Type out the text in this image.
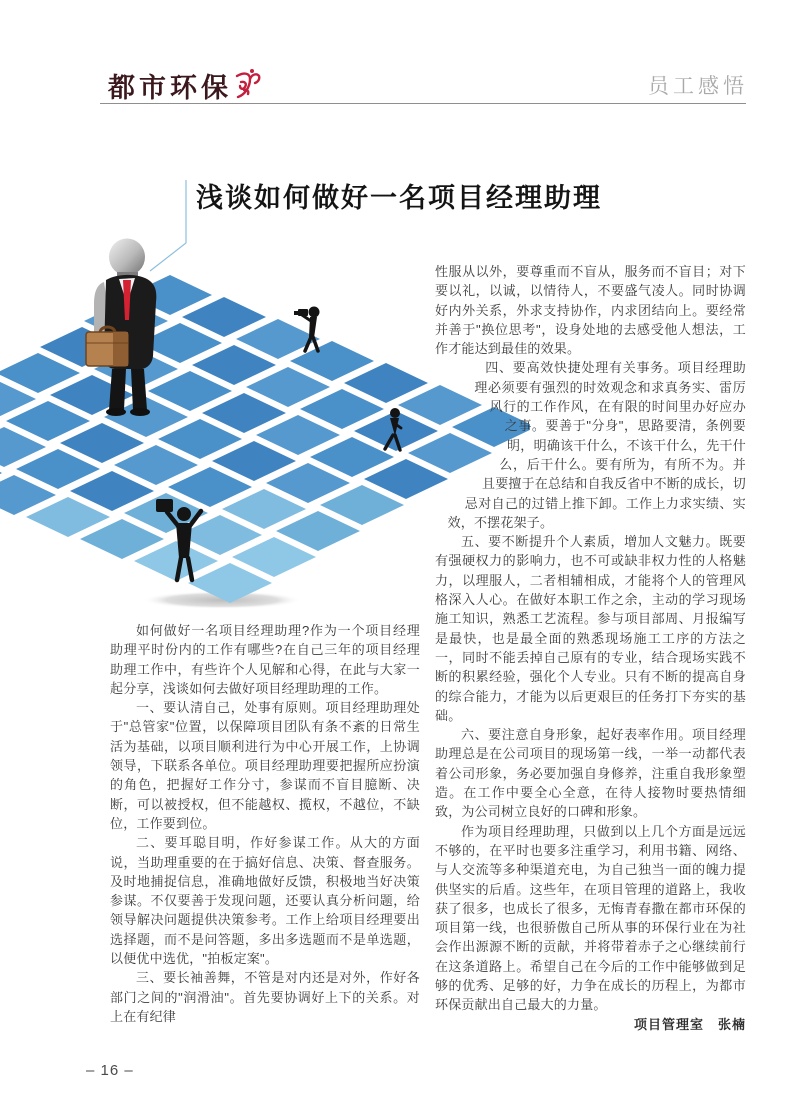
都市环保	员工感悟
浅谈如何做好一名项目经理助理

如何做好一名项目经理助理?作为一个项目经理助理平时份内的工作有哪些?在自己三年的项目经理助理工作中，有些许个人见解和心得，在此与大家一起分享，浅谈如何去做好项目经理助理的工作。

一、要认清自己，处事有原则。项目经理助理处于"总管家"位置，以保障项目团队有条不紊的日常生活为基础，以项目顺利进行为中心开展工作，上协调领导，下联系各单位。项目经理助理要把握所应扮演的角色，把握好工作分寸，参谋而不盲目臆断、决断，可以被授权，但不能越权、揽权，不越位，不缺位，工作要到位。

二、要耳聪目明，作好参谋工作。从大的方面说，当助理重要的在于搞好信息、决策、督查服务。及时地捕捉信息，准确地做好反馈，积极地当好决策参谋。不仅要善于发现问题，还要认真分析问题，给领导解决问题提供决策参考。工作上给项目经理要出选择题，而不是问答题，多出多选题而不是单选题，以便优中选优，"拍板定案"。

三、要长袖善舞，不管是对内还是对外，作好各部门之间的"润滑油"。首先要协调好上下的关系。对上在有纪律

性服从以外，要尊重而不盲从，服务而不盲目；对下要以礼，以诚，以情待人，不要盛气凌人。同时协调好内外关系，外求支持协作，内求团结向上。要经常并善于"换位思考"，设身处地的去感受他人想法，工作才能达到最佳的效果。

四、要高效快捷处理有关事务。项目经理助理必须要有强烈的时效观念和求真务实、雷厉风行的工作作风，在有限的时间里办好应办之事。要善于"分身"，思路要清，条例要明，明确该干什么，不该干什么，先干什么，后干什么。要有所为，有所不为。并且要擅于在总结和自我反省中不断的成长，切忌对自己的过错上推下卸。工作上力求实绩、实效，不摆花架子。

五、要不断提升个人素质，增加人文魅力。既要有强硬权力的影响力，也不可或缺非权力性的人格魅力，以理服人，二者相辅相成，才能将个人的管理风格深入人心。在做好本职工作之余，主动的学习现场施工知识，熟悉工艺流程。参与项目部周、月报编写是最快，也是最全面的熟悉现场施工工序的方法之一，同时不能丢掉自己原有的专业，结合现场实践不断的积累经验，强化个人专业。只有不断的提高自身的综合能力，才能为以后更艰巨的任务打下夯实的基础。

六、要注意自身形象，起好表率作用。项目经理助理总是在公司项目的现场第一线，一举一动都代表着公司形象，务必要加强自身修养，注重自我形象塑造。在工作中要全心全意，在待人接物时要热情细致，为公司树立良好的口碑和形象。

作为项目经理助理，只做到以上几个方面是远远不够的，在平时也要多注重学习，利用书籍、网络、与人交流等多种渠道充电，为自己独当一面的魄力提供坚实的后盾。这些年，在项目管理的道路上，我收获了很多，也成长了很多，无悔青春撒在都市环保的项目第一线，也很骄傲自己所从事的环保行业在为社会作出源源不断的贡献，并将带着赤子之心继续前行在这条道路上。希望自己在今后的工作中能够做到足够的优秀、足够的好，力争在成长的历程上，为都市环保贡献出自己最大的力量。

项目管理室　张楠

– 16 –
